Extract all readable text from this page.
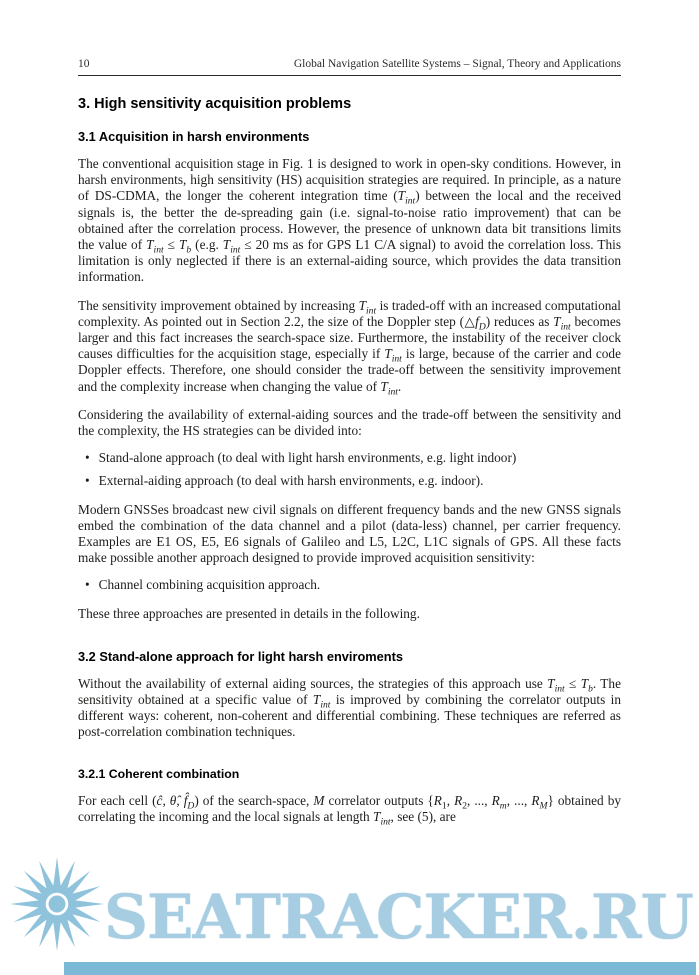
10	Global Navigation Satellite Systems – Signal, Theory and Applications
3. High sensitivity acquisition problems
3.1 Acquisition in harsh environments

The conventional acquisition stage in Fig. 1 is designed to work in open-sky conditions. However, in harsh environments, high sensitivity (HS) acquisition strategies are required. In principle, as a nature of DS-CDMA, the longer the coherent integration time $(T_{int})$ between the local and the received signals is, the better the de-spreading gain (i.e. signal-to-noise ratio improvement) that can be obtained after the correlation process. However, the presence of unknown data bit transitions limits the value of $T_{int} \le T_b$ (e.g. $T_{int} \le 20$ ms as for GPS L1 C/A signal) to avoid the correlation loss. This limitation is only neglected if there is an external-aiding source, which provides the data transition information.

The sensitivity improvement obtained by increasing $T_{int}$ is traded-off with an increased computational complexity. As pointed out in Section 2.2, the size of the Doppler step $(\triangle f_D)$ reduces as $T_{int}$ becomes larger and this fact increases the search-space size. Furthermore, the instability of the receiver clock causes difficulties for the acquisition stage, especially if $T_{int}$ is large, because of the carrier and code Doppler effects. Therefore, one should consider the trade-off between the sensitivity improvement and the complexity increase when changing the value of $T_{int}$.

Considering the availability of external-aiding sources and the trade-off between the sensitivity and the complexity, the HS strategies can be divided into:

• Stand-alone approach (to deal with light harsh environments, e.g. light indoor)
• External-aiding approach (to deal with harsh environments, e.g. indoor).

Modern GNSSes broadcast new civil signals on different frequency bands and the new GNSS signals embed the combination of the data channel and a pilot (data-less) channel, per carrier frequency. Examples are E1 OS, E5, E6 signals of Galileo and L5, L2C, L1C signals of GPS. All these facts make possible another approach designed to provide improved acquisition sensitivity:

• Channel combining acquisition approach.

These three approaches are presented in details in the following.

3.2 Stand-alone approach for light harsh enviroments

Without the availability of external aiding sources, the strategies of this approach use $T_{int} \le T_b$. The sensitivity obtained at a specific value of $T_{int}$ is improved by combining the correlator outputs in different ways: coherent, non-coherent and differential combining. These techniques are referred as post-correlation combination techniques.

3.2.1 Coherent combination

For each cell (ĉ, θ̂, $f̂_D$) of the search-space, M correlator outputs {$R_1$, $R_2$, ..., $R_m$, ..., $R_M$} obtained by correlating the incoming and the local signals at length $T_{int}$, see (5), are

SEATRACKER.RU
